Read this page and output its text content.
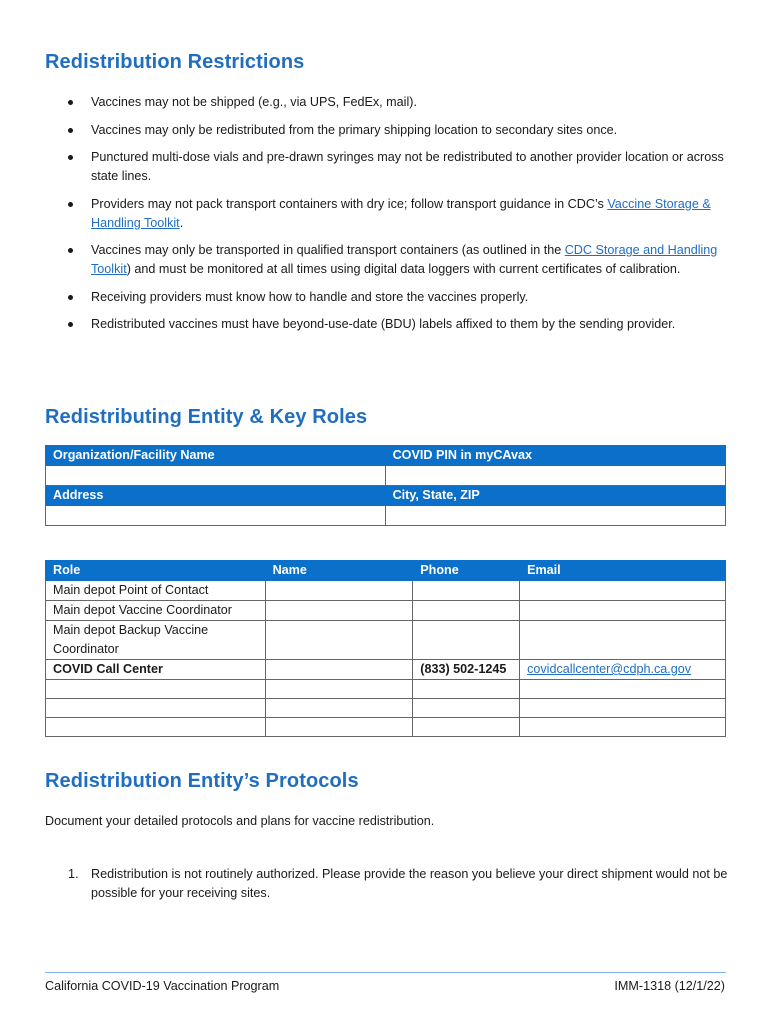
Redistribution Restrictions
Vaccines may not be shipped (e.g., via UPS, FedEx, mail).
Vaccines may only be redistributed from the primary shipping location to secondary sites once.
Punctured multi-dose vials and pre-drawn syringes may not be redistributed to another provider location or across state lines.
Providers may not pack transport containers with dry ice; follow transport guidance in CDC’s Vaccine Storage & Handling Toolkit.
Vaccines may only be transported in qualified transport containers (as outlined in the CDC Storage and Handling Toolkit) and must be monitored at all times using digital data loggers with current certificates of calibration.
Receiving providers must know how to handle and store the vaccines properly.
Redistributed vaccines must have beyond-use-date (BDU) labels affixed to them by the sending provider.
Redistributing Entity & Key Roles
Organization/Facility Name	COVID PIN in myCAvax

Address	City, State, ZIP

Role	Name	Phone	Email
Main depot Point of Contact			
Main depot Vaccine Coordinator			
Main depot Backup Vaccine Coordinator			
COVID Call Center		(833) 502-1245	covidcallcenter@cdph.ca.gov

Redistribution Entity’s Protocols
Document your detailed protocols and plans for vaccine redistribution.
1. Redistribution is not routinely authorized. Please provide the reason you believe your direct shipment would not be possible for your receiving sites.
California COVID-19 Vaccination Program	IMM-1318 (12/1/22)
